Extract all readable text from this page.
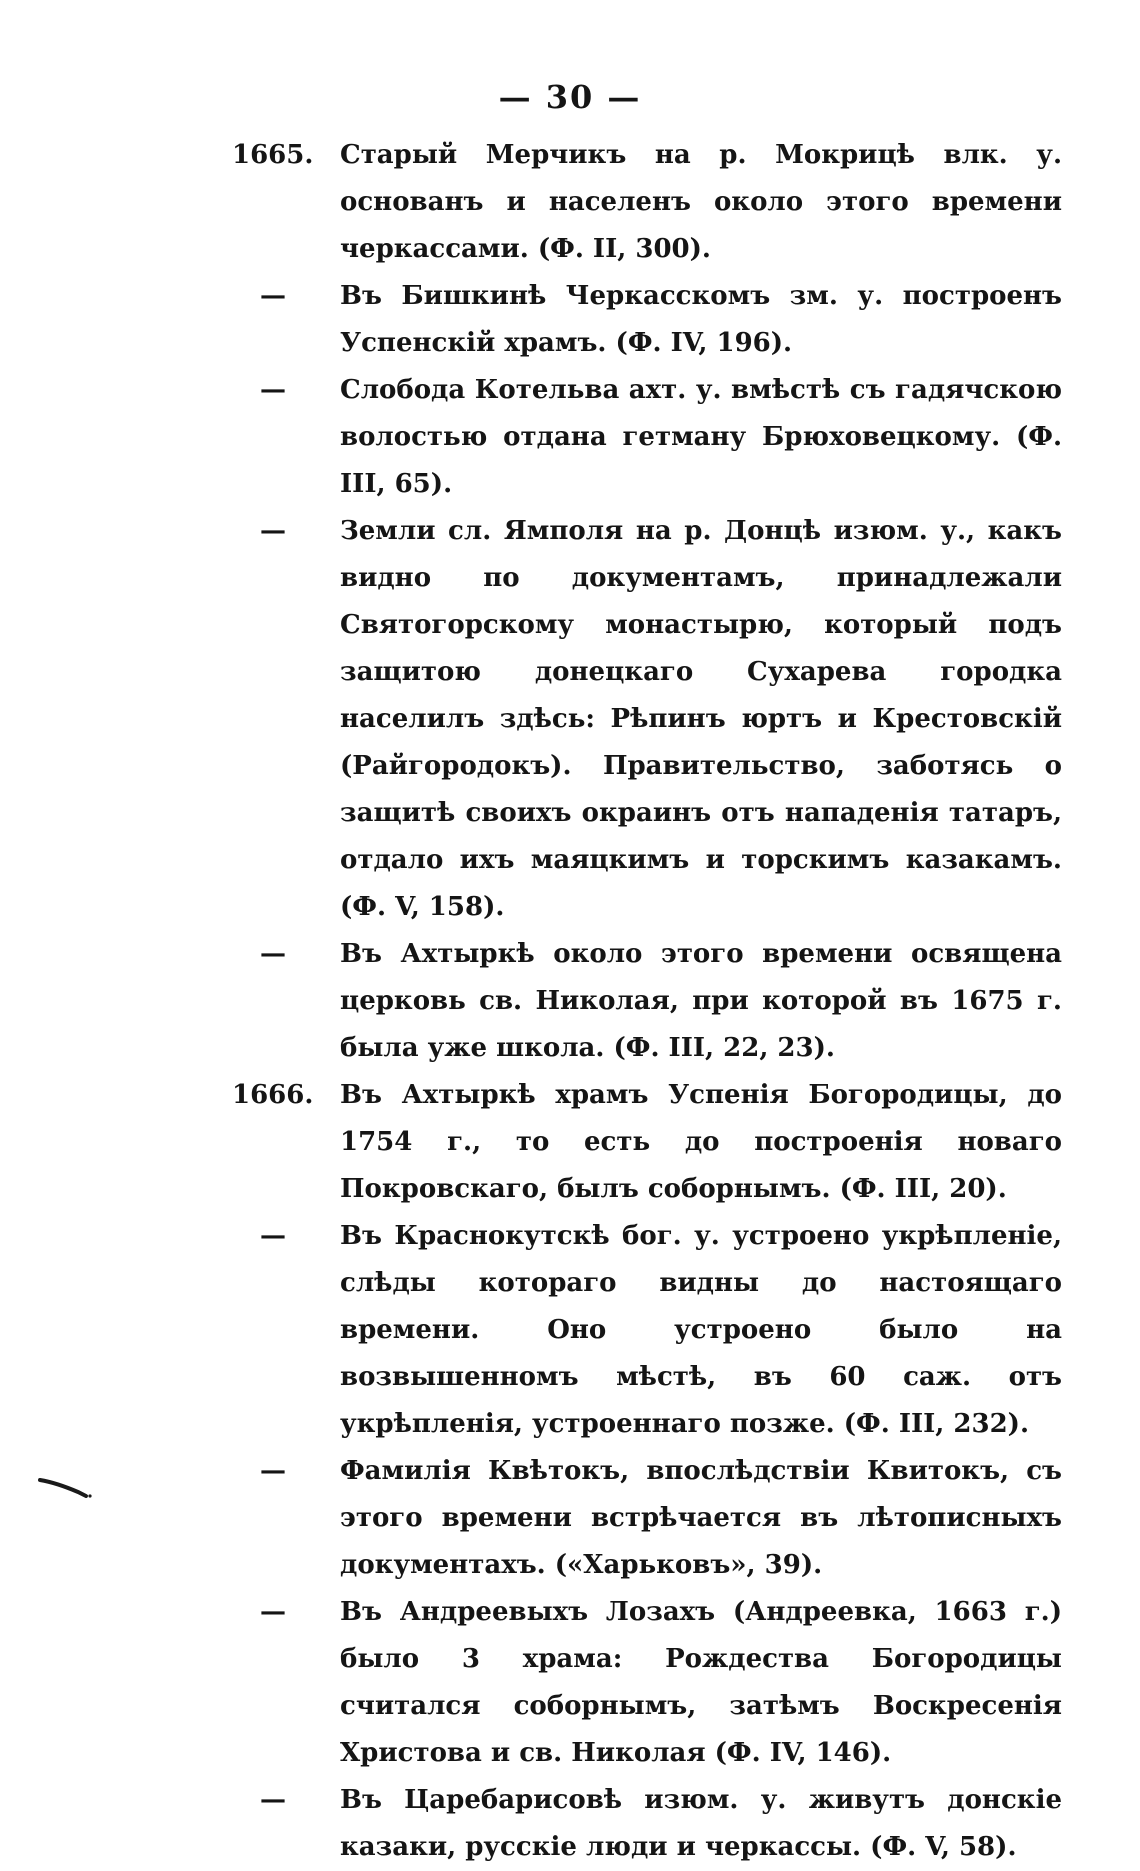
— 30 —
1665.	Старый Мерчикъ на р. Мокрицѣ влк. у. основанъ и населенъ около этого времени черкассами. (Ф. II, 300).
—	Въ Бишкинѣ Черкасскомъ зм. у. построенъ Успенскій храмъ. (Ф. IV, 196).
—	Слобода Котельва ахт. у. вмѣстѣ съ гадячскою волостью отдана гетману Брюховецкому. (Ф. III, 65).
—	Земли сл. Ямполя на р. Донцѣ изюм. у., какъ видно по документамъ, принадлежали Святогорскому монастырю, который подъ защитою донецкаго Сухарева городка населилъ здѣсь: Рѣпинъ юртъ и Крестовскій (Райгородокъ). Правительство, заботясь о защитѣ своихъ окраинъ отъ нападенія татаръ, отдало ихъ маяцкимъ и торскимъ казакамъ. (Ф. V, 158).
—	Въ Ахтыркѣ около этого времени освящена церковь св. Николая, при которой въ 1675 г. была уже школа. (Ф. III, 22, 23).
1666.	Въ Ахтыркѣ храмъ Успенія Богородицы, до 1754 г., то есть до построенія новаго Покровскаго, былъ соборнымъ. (Ф. III, 20).
—	Въ Краснокутскѣ бог. у. устроено укрѣпленіе, слѣды котораго видны до настоящаго времени. Оно устроено было на возвышенномъ мѣстѣ, въ 60 саж. отъ укрѣпленія, устроеннаго позже. (Ф. III, 232).
—	Фамилія Квѣтокъ, впослѣдствіи Квитокъ, съ этого времени встрѣчается въ лѣтописныхъ документахъ. («Харьковъ», 39).
—	Въ Андреевыхъ Лозахъ (Андреевка, 1663 г.) было 3 храма: Рождества Богородицы считался соборнымъ, затѣмъ Воскресенія Христова и св. Николая (Ф. IV, 146).
—	Въ Царебарисовѣ изюм. у. живутъ донскіе казаки, русскіе люди и черкассы. (Ф. V, 58).
